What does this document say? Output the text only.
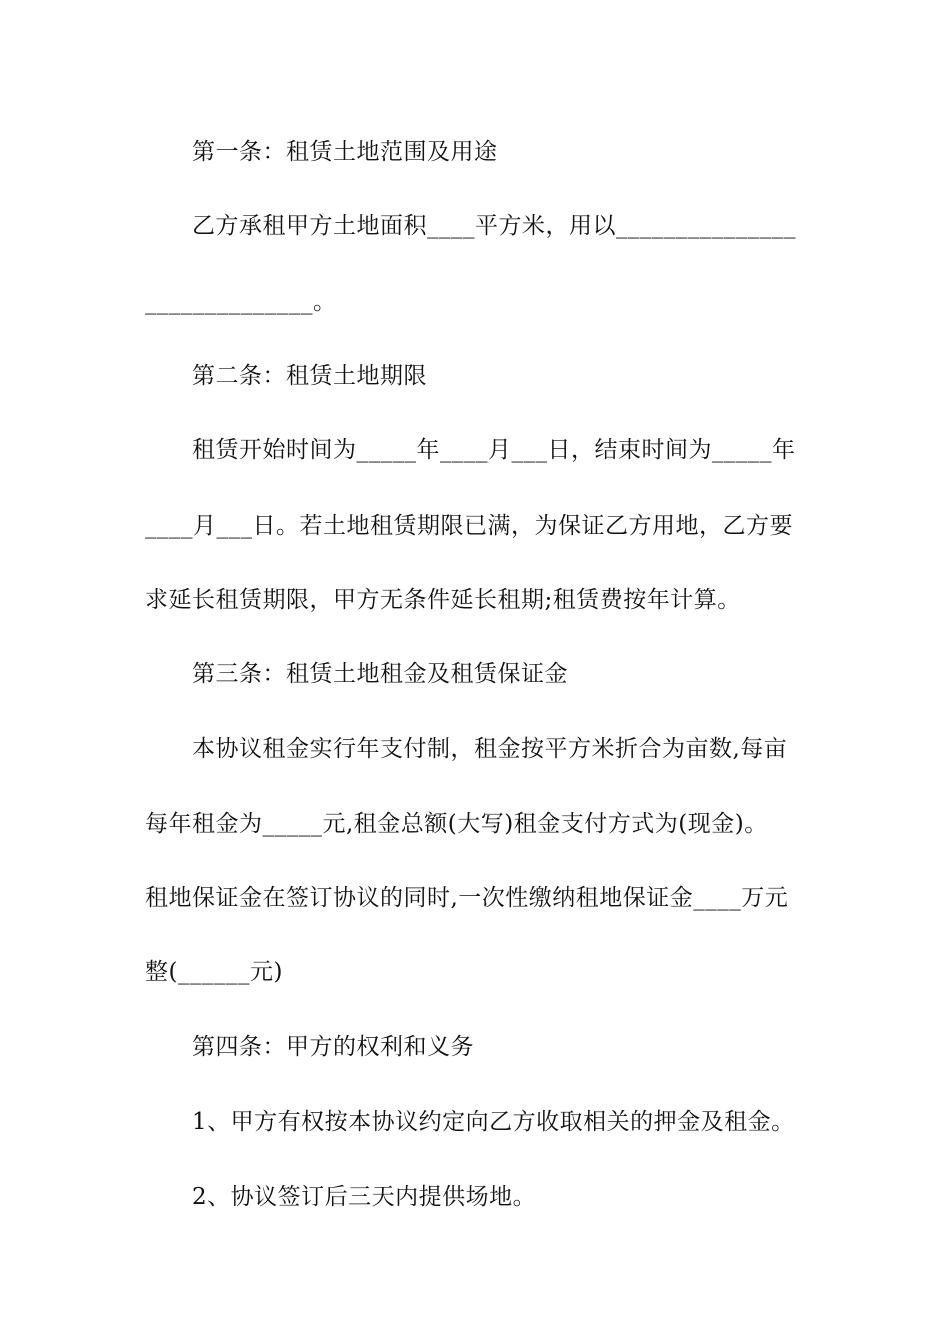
第一条：租赁土地范围及用途
乙方承租甲方土地面积____平方米，用以_______________
______________。
第二条：租赁土地期限
租赁开始时间为_____年____月___日，结束时间为_____年
____月___日。若土地租赁期限已满，为保证乙方用地，乙方要
求延长租赁期限，甲方无条件延长租期;租赁费按年计算。
第三条：租赁土地租金及租赁保证金
本协议租金实行年支付制，租金按平方米折合为亩数,每亩
每年租金为_____元,租金总额(大写)租金支付方式为(现金)。
租地保证金在签订协议的同时,一次性缴纳租地保证金____万元
整(______元)
第四条：甲方的权利和义务
1、甲方有权按本协议约定向乙方收取相关的押金及租金。
2、协议签订后三天内提供场地。
